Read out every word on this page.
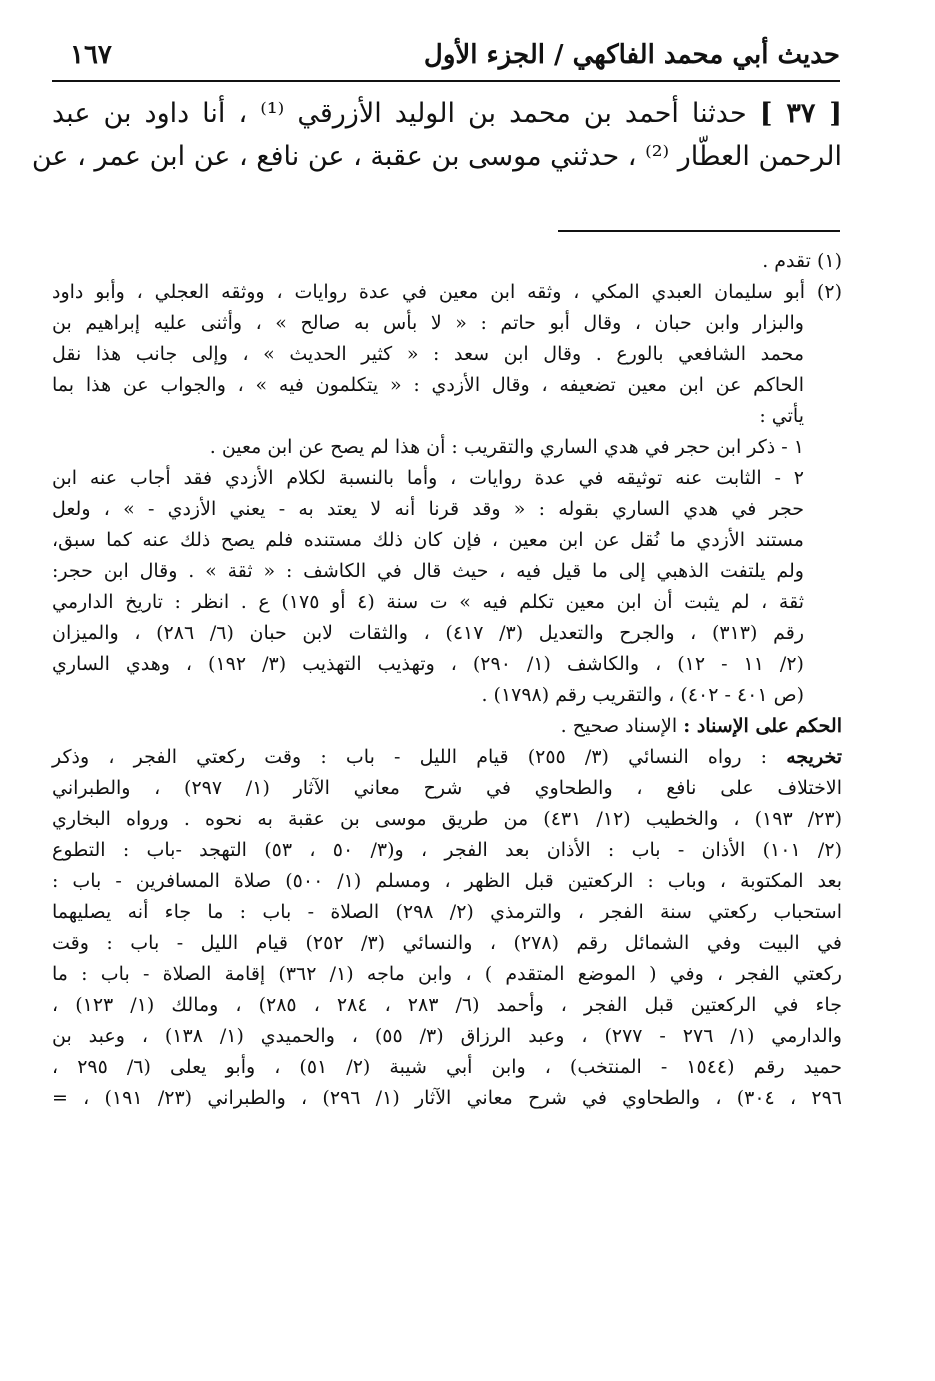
حديث أبي محمد الفاكهي / الجزء الأول
١٦٧
[ ٣٧ ] حدثنا أحمد بن محمد بن الوليد الأزرقي ⁽¹⁾ ، أنا داود بن عبد
الرحمن العطّار ⁽²⁾ ، حدثني موسى بن عقبة ، عن نافع ، عن ابن عمر ، عن
(١) تقدم .
(٢) أبو سليمان العبدي المكي ، وثقه ابن معين في عدة روايات ، ووثقه العجلي ، وأبو داود
والبزار وابن حبان ، وقال أبو حاتم : « لا بأس به صالح » ، وأثنى عليه إبراهيم بن
محمد الشافعي بالورع . وقال ابن سعد : « كثير الحديث » ، وإلى جانب هذا نقل
الحاكم عن ابن معين تضعيفه ، وقال الأزدي : « يتكلمون فيه » ، والجواب عن هذا بما
يأتي :
١ - ذكر ابن حجر في هدي الساري والتقريب : أن هذا لم يصح عن ابن معين .
٢ - الثابت عنه توثيقه في عدة روايات ، وأما بالنسبة لكلام الأزدي فقد أجاب عنه ابن
حجر في هدي الساري بقوله : « وقد قرنا أنه لا يعتد به - يعني الأزدي - » ، ولعل
مستند الأزدي ما نُقل عن ابن معين ، فإن كان ذلك مستنده فلم يصح ذلك عنه كما سبق،
ولم يلتفت الذهبي إلى ما قيل فيه ، حيث قال في الكاشف : « ثقة » . وقال ابن حجر:
ثقة ، لم يثبت أن ابن معين تكلم فيه » ت سنة (٤ أو ١٧٥) ع . انظر : تاريخ الدارمي
رقم (٣١٣) ، والجرح والتعديل (٣/ ٤١٧) ، والثقات لابن حبان (٦/ ٢٨٦) ، والميزان
(٢/ ١١ - ١٢) ، والكاشف (١/ ٢٩٠) ، وتهذيب التهذيب (٣/ ١٩٢) ، وهدي الساري
(ص ٤٠١ - ٤٠٢) ، والتقريب رقم (١٧٩٨) .
الحكم على الإسناد : الإسناد صحيح .
تخريجه : رواه النسائي (٣/ ٢٥٥) قيام الليل - باب : وقت ركعتي الفجر ، وذكر
الاختلاف على نافع ، والطحاوي في شرح معاني الآثار (١/ ٢٩٧) ، والطبراني
(٢٣/ ١٩٣) ، والخطيب (١٢/ ٤٣١) من طريق موسى بن عقبة به نحوه . ورواه البخاري
(٢/ ١٠١) الأذان - باب : الأذان بعد الفجر ، و(٣/ ٥٠ ، ٥٣) التهجد -باب : التطوع
بعد المكتوبة ، وباب : الركعتين قبل الظهر ، ومسلم (١/ ٥٠٠) صلاة المسافرين - باب :
استحباب ركعتي سنة الفجر ، والترمذي (٢/ ٢٩٨) الصلاة - باب : ما جاء أنه يصليهما
في البيت وفي الشمائل رقم (٢٧٨) ، والنسائي (٣/ ٢٥٢) قيام الليل - باب : وقت
ركعتي الفجر ، وفي ( الموضع المتقدم ) ، وابن ماجه (١/ ٣٦٢) إقامة الصلاة - باب : ما
جاء في الركعتين قبل الفجر ، وأحمد (٦/ ٢٨٣ ، ٢٨٤ ، ٢٨٥) ، ومالك (١/ ١٢٣) ،
والدارمي (١/ ٢٧٦ - ٢٧٧) ، وعبد الرزاق (٣/ ٥٥) ، والحميدي (١/ ١٣٨) ، وعبد بن
حميد رقم (١٥٤٤ - المنتخب) ، وابن أبي شيبة (٢/ ٥١) ، وأبو يعلى (٦/ ٢٩٥ ،
٢٩٦ ، ٣٠٤) ، والطحاوي في شرح معاني الآثار (١/ ٢٩٦) ، والطبراني (٢٣/ ١٩١) ، =
